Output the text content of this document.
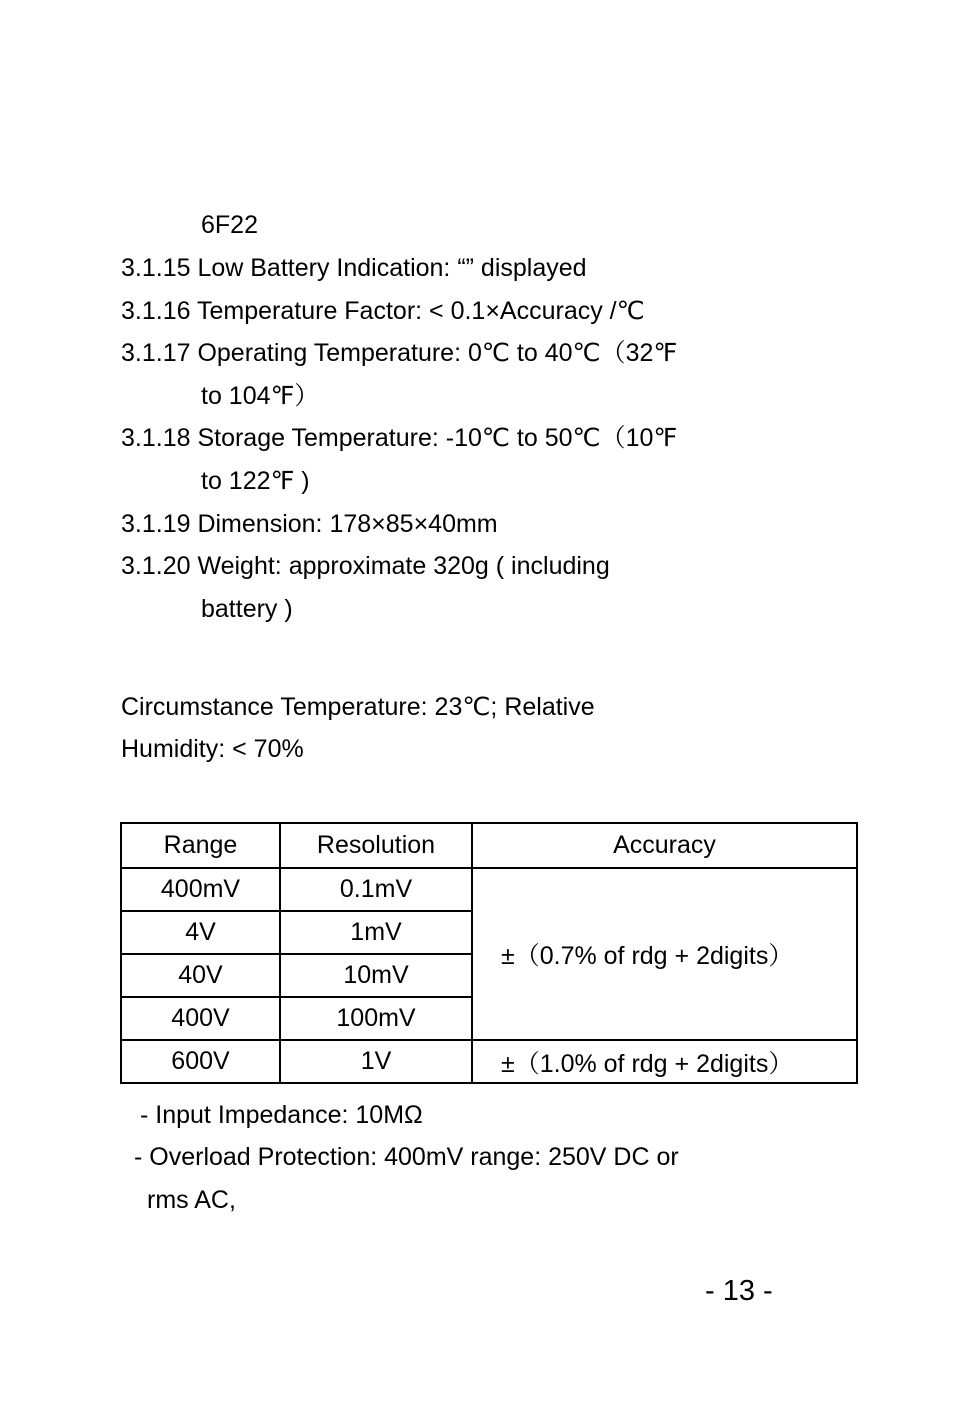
6F22
3.1.15 Low Battery Indication: “” displayed
3.1.16 Temperature Factor: < 0.1×Accuracy /℃
3.1.17 Operating Temperature: 0℃ to 40℃（32℉
to 104℉）
3.1.18 Storage Temperature: -10℃ to 50℃（10℉
to 122℉ )
3.1.19 Dimension: 178×85×40mm
3.1.20 Weight: approximate 320g ( including
battery )
Circumstance Temperature: 23℃; Relative
Humidity: < 70%
Range	Resolution	Accuracy
400mV	0.1mV	±（0.7% of rdg + 2digits）
4V	1mV	
40V	10mV	
400V	100mV	
600V	1V	±（1.0% of rdg + 2digits）
- Input Impedance: 10MΩ
- Overload Protection: 400mV range: 250V DC or
rms AC,
- 13 -
